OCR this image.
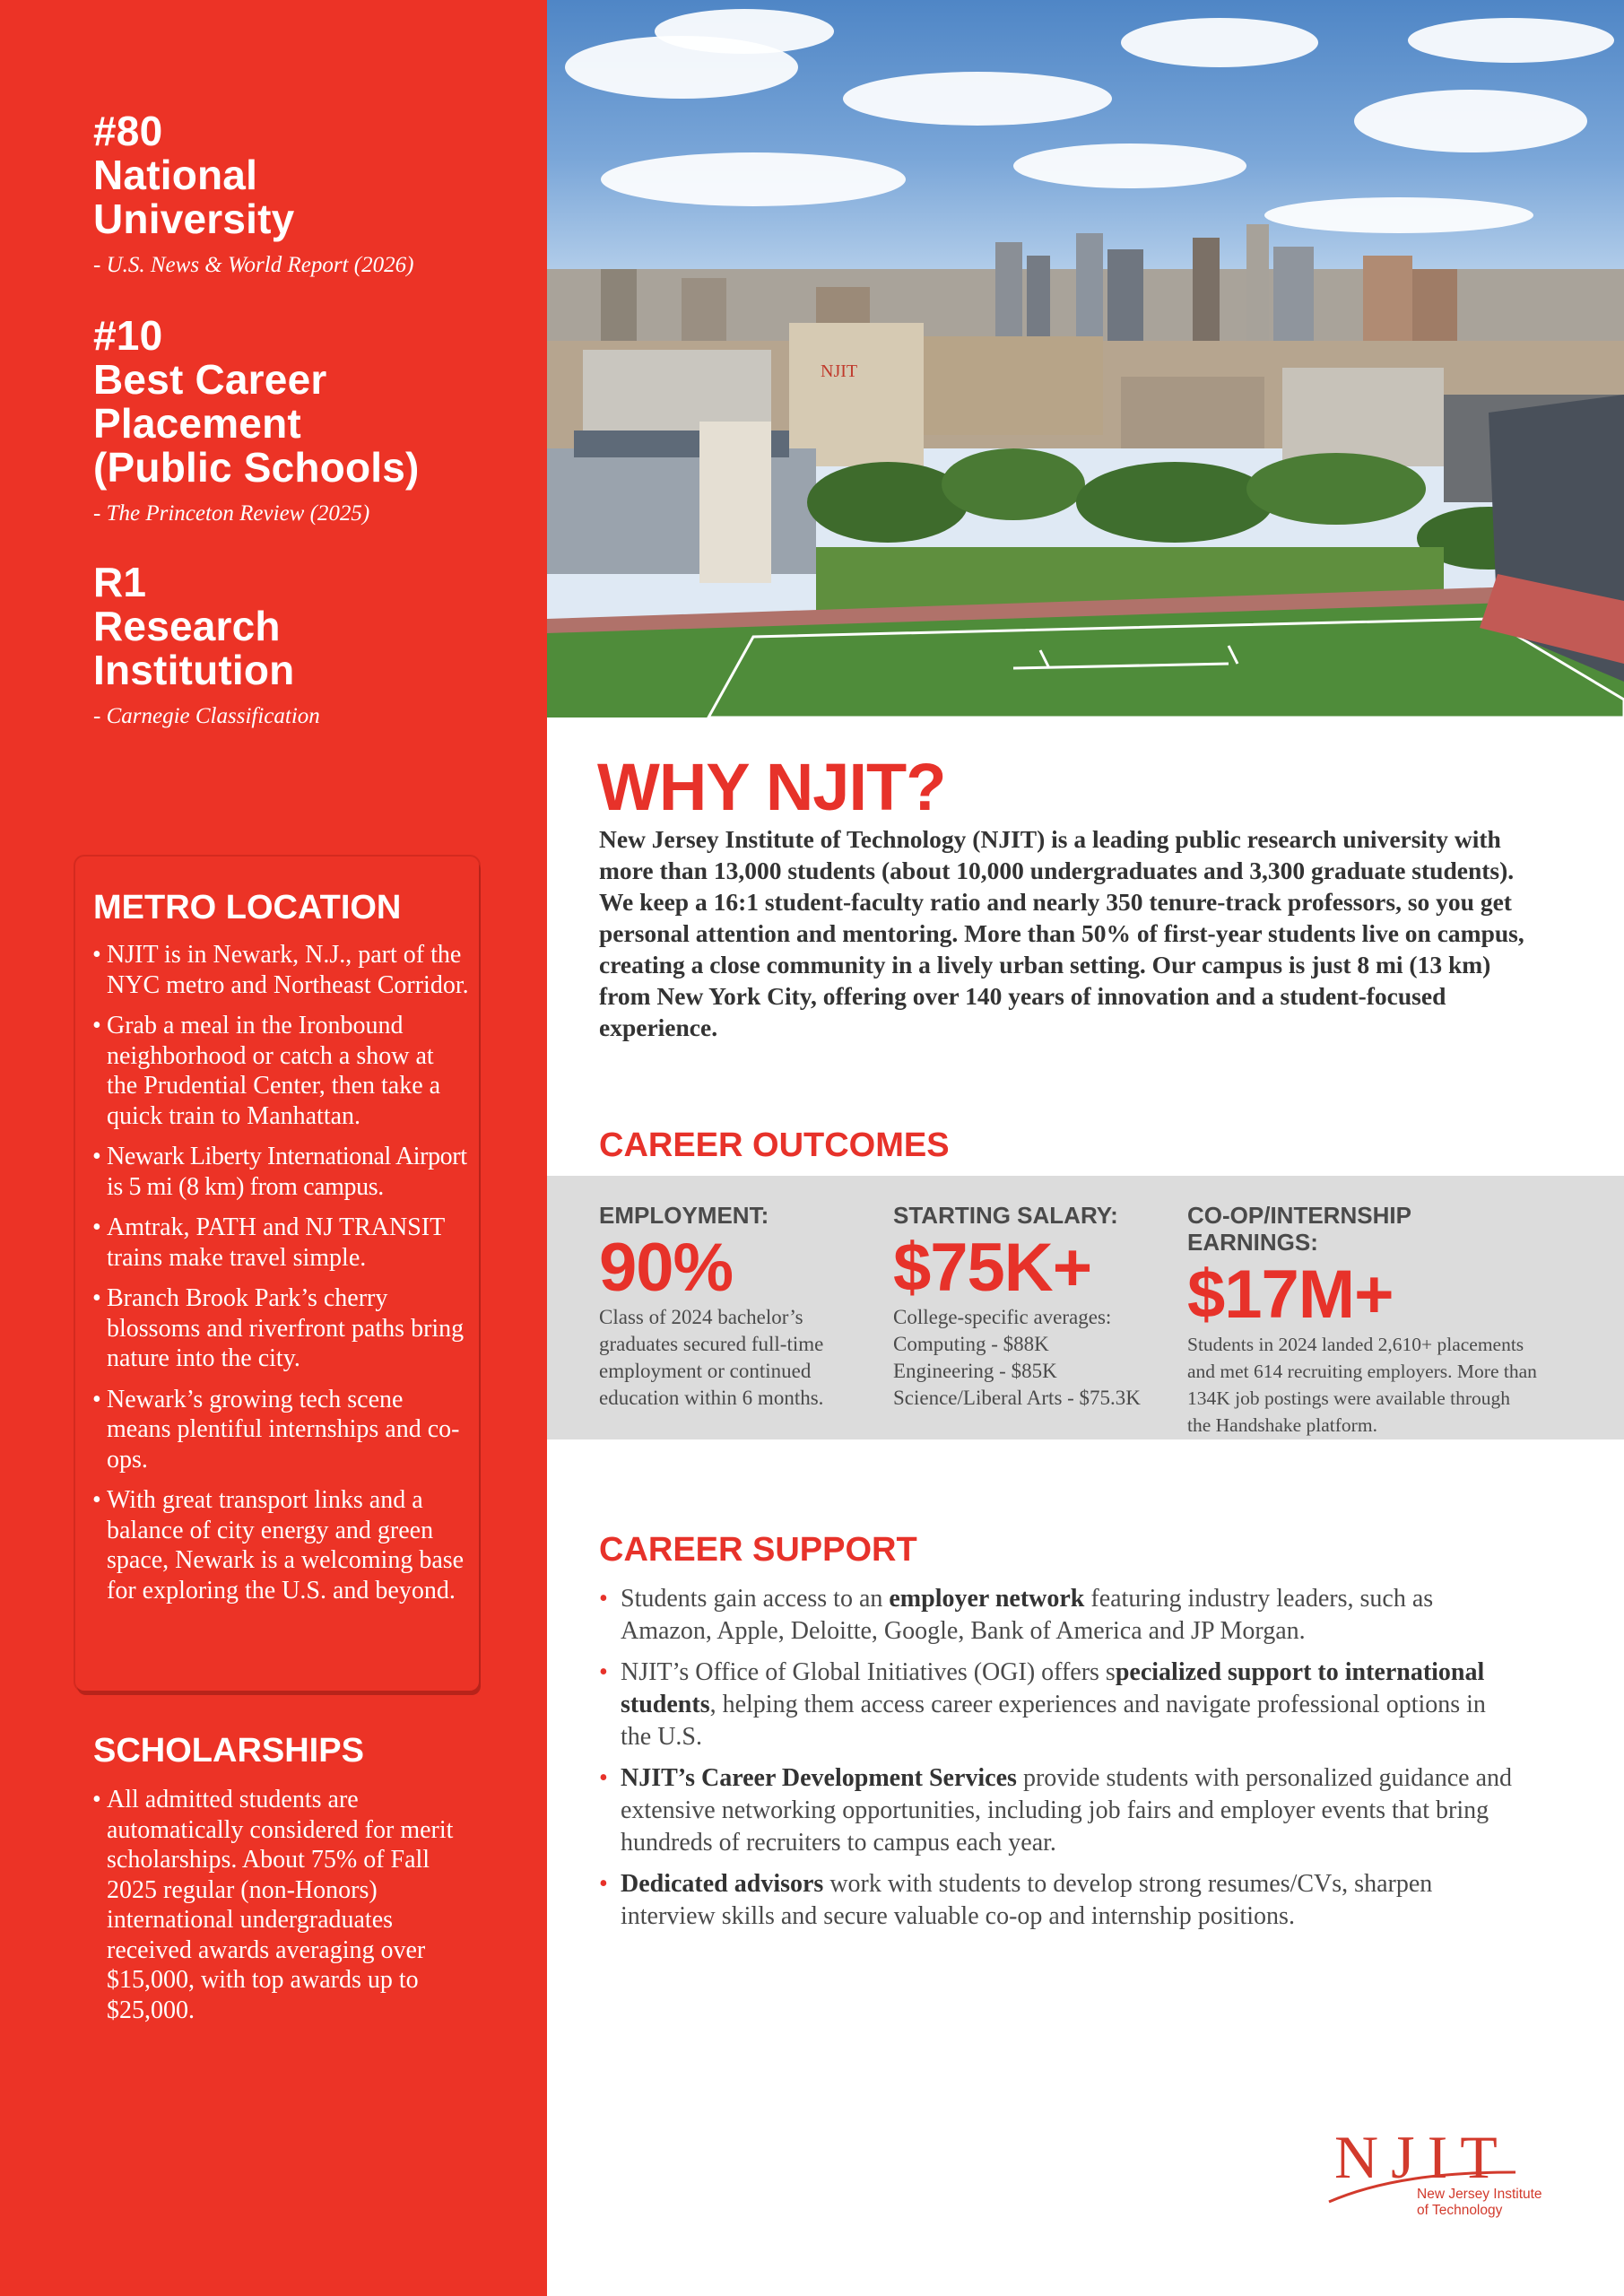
#80
National
University
- U.S. News & World Report (2026)
#10
Best Career
Placement
(Public Schools)
- The Princeton Review (2025)
R1
Research
Institution
- Carnegie Classification
METRO LOCATION
• NJIT is in Newark, N.J., part of the NYC metro and Northeast Corridor.
• Grab a meal in the Ironbound neighborhood or catch a show at the Prudential Center, then take a quick train to Manhattan.
• Newark Liberty International Airport is 5 mi (8 km) from campus.
• Amtrak, PATH and NJ TRANSIT trains make travel simple.
• Branch Brook Park’s cherry blossoms and riverfront paths bring nature into the city.
• Newark’s growing tech scene means plentiful internships and co-ops.
• With great transport links and a balance of city energy and green space, Newark is a welcoming base for exploring the U.S. and beyond.
SCHOLARSHIPS
• All admitted students are automatically considered for merit scholarships. About 75% of Fall 2025 regular (non-Honors) international undergraduates received awards averaging over $15,000, with top awards up to $25,000.
NJIT
WHY NJIT?

New Jersey Institute of Technology (NJIT) is a leading public research university with more than 13,000 students (about 10,000 undergraduates and 3,300 graduate students). We keep a 16:1 student-faculty ratio and nearly 350 tenure-track professors, so you get personal attention and mentoring. More than 50% of first-year students live on campus, creating a close community in a lively urban setting. Our campus is just 8 mi (13 km) from New York City, offering over 140 years of innovation and a student-focused experience.

CAREER OUTCOMES
EMPLOYMENT:
90%
Class of 2024 bachelor’s graduates secured full-time employment or continued education within 6 months.
STARTING SALARY:
$75K+
College-specific averages:
Computing - $88K
Engineering - $85K
Science/Liberal Arts - $75.3K
CO-OP/INTERNSHIP EARNINGS:
$17M+
Students in 2024 landed 2,610+ placements and met 614 recruiting employers. More than 134K job postings were available through the Handshake platform.
CAREER SUPPORT
• Students gain access to an employer network featuring industry leaders, such as Amazon, Apple, Deloitte, Google, Bank of America and JP Morgan.
• NJIT’s Office of Global Initiatives (OGI) offers specialized support to international students, helping them access career experiences and navigate professional options in the U.S.
• NJIT’s Career Development Services provide students with personalized guidance and extensive networking opportunities, including job fairs and employer events that bring hundreds of recruiters to campus each year.
• Dedicated advisors work with students to develop strong resumes/CVs, sharpen interview skills and secure valuable co-op and internship positions.
NJIT
New Jersey Institute
of Technology
